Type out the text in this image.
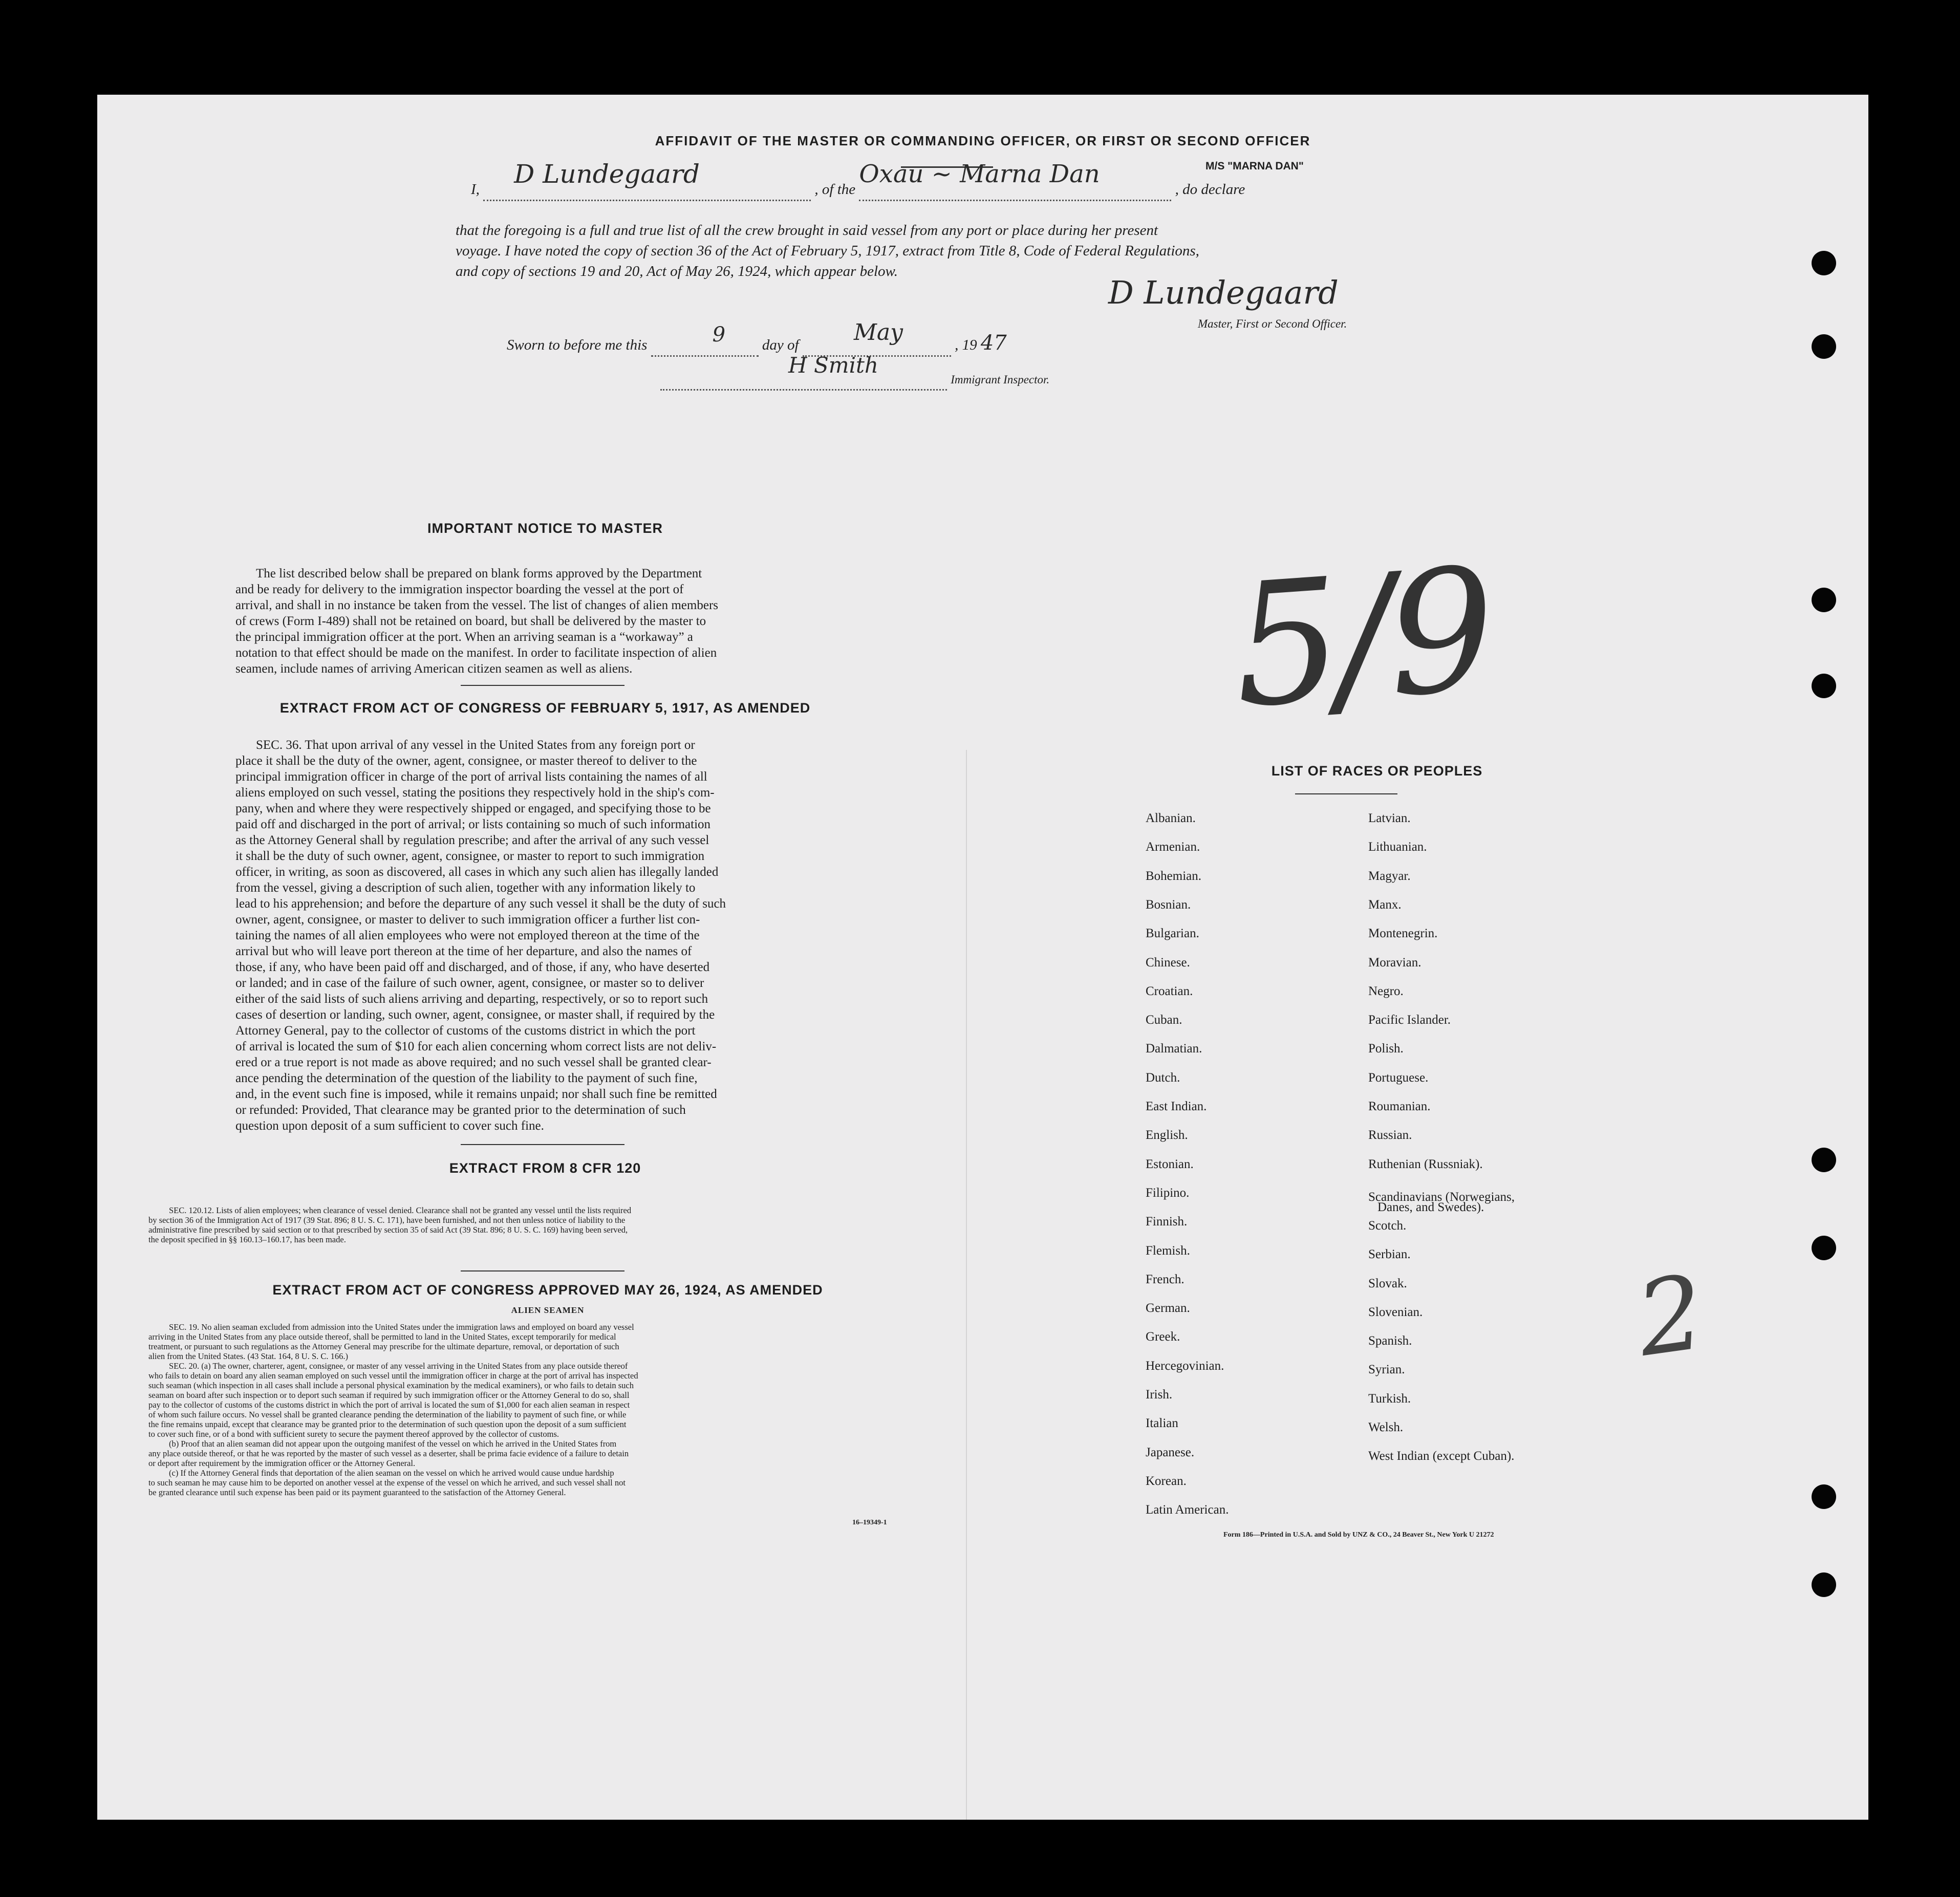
AFFIDAVIT OF THE MASTER OR COMMANDING OFFICER, OR FIRST OR SECOND OFFICER
M/S "MARNA DAN"
I,
D Lundegaard
, of the
Oxau ~ Marna Dan
, do declare
that the foregoing is a full and true list of all the crew brought in said vessel from any port or place during her present
voyage. I have noted the copy of section 36 of the Act of February 5, 1917, extract from Title 8, Code of Federal Regulations,
and copy of sections 19 and 20, Act of May 26, 1924, which appear below.
D Lundegaard
Master, First or Second Officer.
Sworn to before me this	9 day of May	, 19 47
H Smith
Immigrant Inspector.
IMPORTANT NOTICE TO MASTER
The list described below shall be prepared on blank forms approved by the Department
and be ready for delivery to the immigration inspector boarding the vessel at the port of
arrival, and shall in no instance be taken from the vessel. The list of changes of alien members
of crews (Form I-489) shall not be retained on board, but shall be delivered by the master to
the principal immigration officer at the port. When an arriving seaman is a “workaway” a
notation to that effect should be made on the manifest. In order to facilitate inspection of alien
seamen, include names of arriving American citizen seamen as well as aliens.
EXTRACT FROM ACT OF CONGRESS OF FEBRUARY 5, 1917, AS AMENDED
SEC. 36. That upon arrival of any vessel in the United States from any foreign port or
place it shall be the duty of the owner, agent, consignee, or master thereof to deliver to the
principal immigration officer in charge of the port of arrival lists containing the names of all
aliens employed on such vessel, stating the positions they respectively hold in the ship's com-
pany, when and where they were respectively shipped or engaged, and specifying those to be
paid off and discharged in the port of arrival; or lists containing so much of such information
as the Attorney General shall by regulation prescribe; and after the arrival of any such vessel
it shall be the duty of such owner, agent, consignee, or master to report to such immigration
officer, in writing, as soon as discovered, all cases in which any such alien has illegally landed
from the vessel, giving a description of such alien, together with any information likely to
lead to his apprehension; and before the departure of any such vessel it shall be the duty of such
owner, agent, consignee, or master to deliver to such immigration officer a further list con-
taining the names of all alien employees who were not employed thereon at the time of the
arrival but who will leave port thereon at the time of her departure, and also the names of
those, if any, who have been paid off and discharged, and of those, if any, who have deserted
or landed; and in case of the failure of such owner, agent, consignee, or master so to deliver
either of the said lists of such aliens arriving and departing, respectively, or so to report such
cases of desertion or landing, such owner, agent, consignee, or master shall, if required by the
Attorney General, pay to the collector of customs of the customs district in which the port
of arrival is located the sum of $10 for each alien concerning whom correct lists are not deliv-
ered or a true report is not made as above required; and no such vessel shall be granted clear-
ance pending the determination of the question of the liability to the payment of such fine,
and, in the event such fine is imposed, while it remains unpaid; nor shall such fine be remitted
or refunded: Provided, That clearance may be granted prior to the determination of such
question upon deposit of a sum sufficient to cover such fine.
EXTRACT FROM 8 CFR 120
SEC. 120.12. Lists of alien employees; when clearance of vessel denied. Clearance shall not be granted any vessel until the lists required
by section 36 of the Immigration Act of 1917 (39 Stat. 896; 8 U. S. C. 171), have been furnished, and not then unless notice of liability to the
administrative fine prescribed by said section or to that prescribed by section 35 of said Act (39 Stat. 896; 8 U. S. C. 169) having been served,
the deposit specified in §§ 160.13–160.17, has been made.
EXTRACT FROM ACT OF CONGRESS APPROVED MAY 26, 1924, AS AMENDED
ALIEN SEAMEN
SEC. 19. No alien seaman excluded from admission into the United States under the immigration laws and employed on board any vessel
arriving in the United States from any place outside thereof, shall be permitted to land in the United States, except temporarily for medical
treatment, or pursuant to such regulations as the Attorney General may prescribe for the ultimate departure, removal, or deportation of such
alien from the United States. (43 Stat. 164, 8 U. S. C. 166.)
SEC. 20. (a) The owner, charterer, agent, consignee, or master of any vessel arriving in the United States from any place outside thereof
who fails to detain on board any alien seaman employed on such vessel until the immigration officer in charge at the port of arrival has inspected
such seaman (which inspection in all cases shall include a personal physical examination by the medical examiners), or who fails to detain such
seaman on board after such inspection or to deport such seaman if required by such immigration officer or the Attorney General to do so, shall
pay to the collector of customs of the customs district in which the port of arrival is located the sum of $1,000 for each alien seaman in respect
of whom such failure occurs. No vessel shall be granted clearance pending the determination of the liability to payment of such fine, or while
the fine remains unpaid, except that clearance may be granted prior to the determination of such question upon the deposit of a sum sufficient
to cover such fine, or of a bond with sufficient surety to secure the payment thereof approved by the collector of customs.
(b) Proof that an alien seaman did not appear upon the outgoing manifest of the vessel on which he arrived in the United States from
any place outside thereof, or that he was reported by the master of such vessel as a deserter, shall be prima facie evidence of a failure to detain
or deport after requirement by the immigration officer or the Attorney General.
(c) If the Attorney General finds that deportation of the alien seaman on the vessel on which he arrived would cause undue hardship
to such seaman he may cause him to be deported on another vessel at the expense of the vessel on which he arrived, and such vessel shall not
be granted clearance until such expense has been paid or its payment guaranteed to the satisfaction of the Attorney General.
16–19349-1
LIST OF RACES OR PEOPLES
Albanian.
Armenian.
Bohemian.
Bosnian.
Bulgarian.
Chinese.
Croatian.
Cuban.
Dalmatian.
Dutch.
East Indian.
English.
Estonian.
Filipino.
Finnish.
Flemish.
French.
German.
Greek.
Hercegovinian.
Irish.
Italian
Japanese.
Korean.
Latin American.
Latvian.
Lithuanian.
Magyar.
Manx.
Montenegrin.
Moravian.
Negro.
Pacific Islander.
Polish.
Portuguese.
Roumanian.
Russian.
Ruthenian (Russniak).
Scandinavians (Norwegians,
Danes, and Swedes).
Scotch.
Serbian.
Slovak.
Slovenian.
Spanish.
Syrian.
Turkish.
Welsh.
West Indian (except Cuban).
Form 186—Printed in U.S.A. and Sold by UNZ & CO., 24 Beaver St., New York U 21272
5/9
2
